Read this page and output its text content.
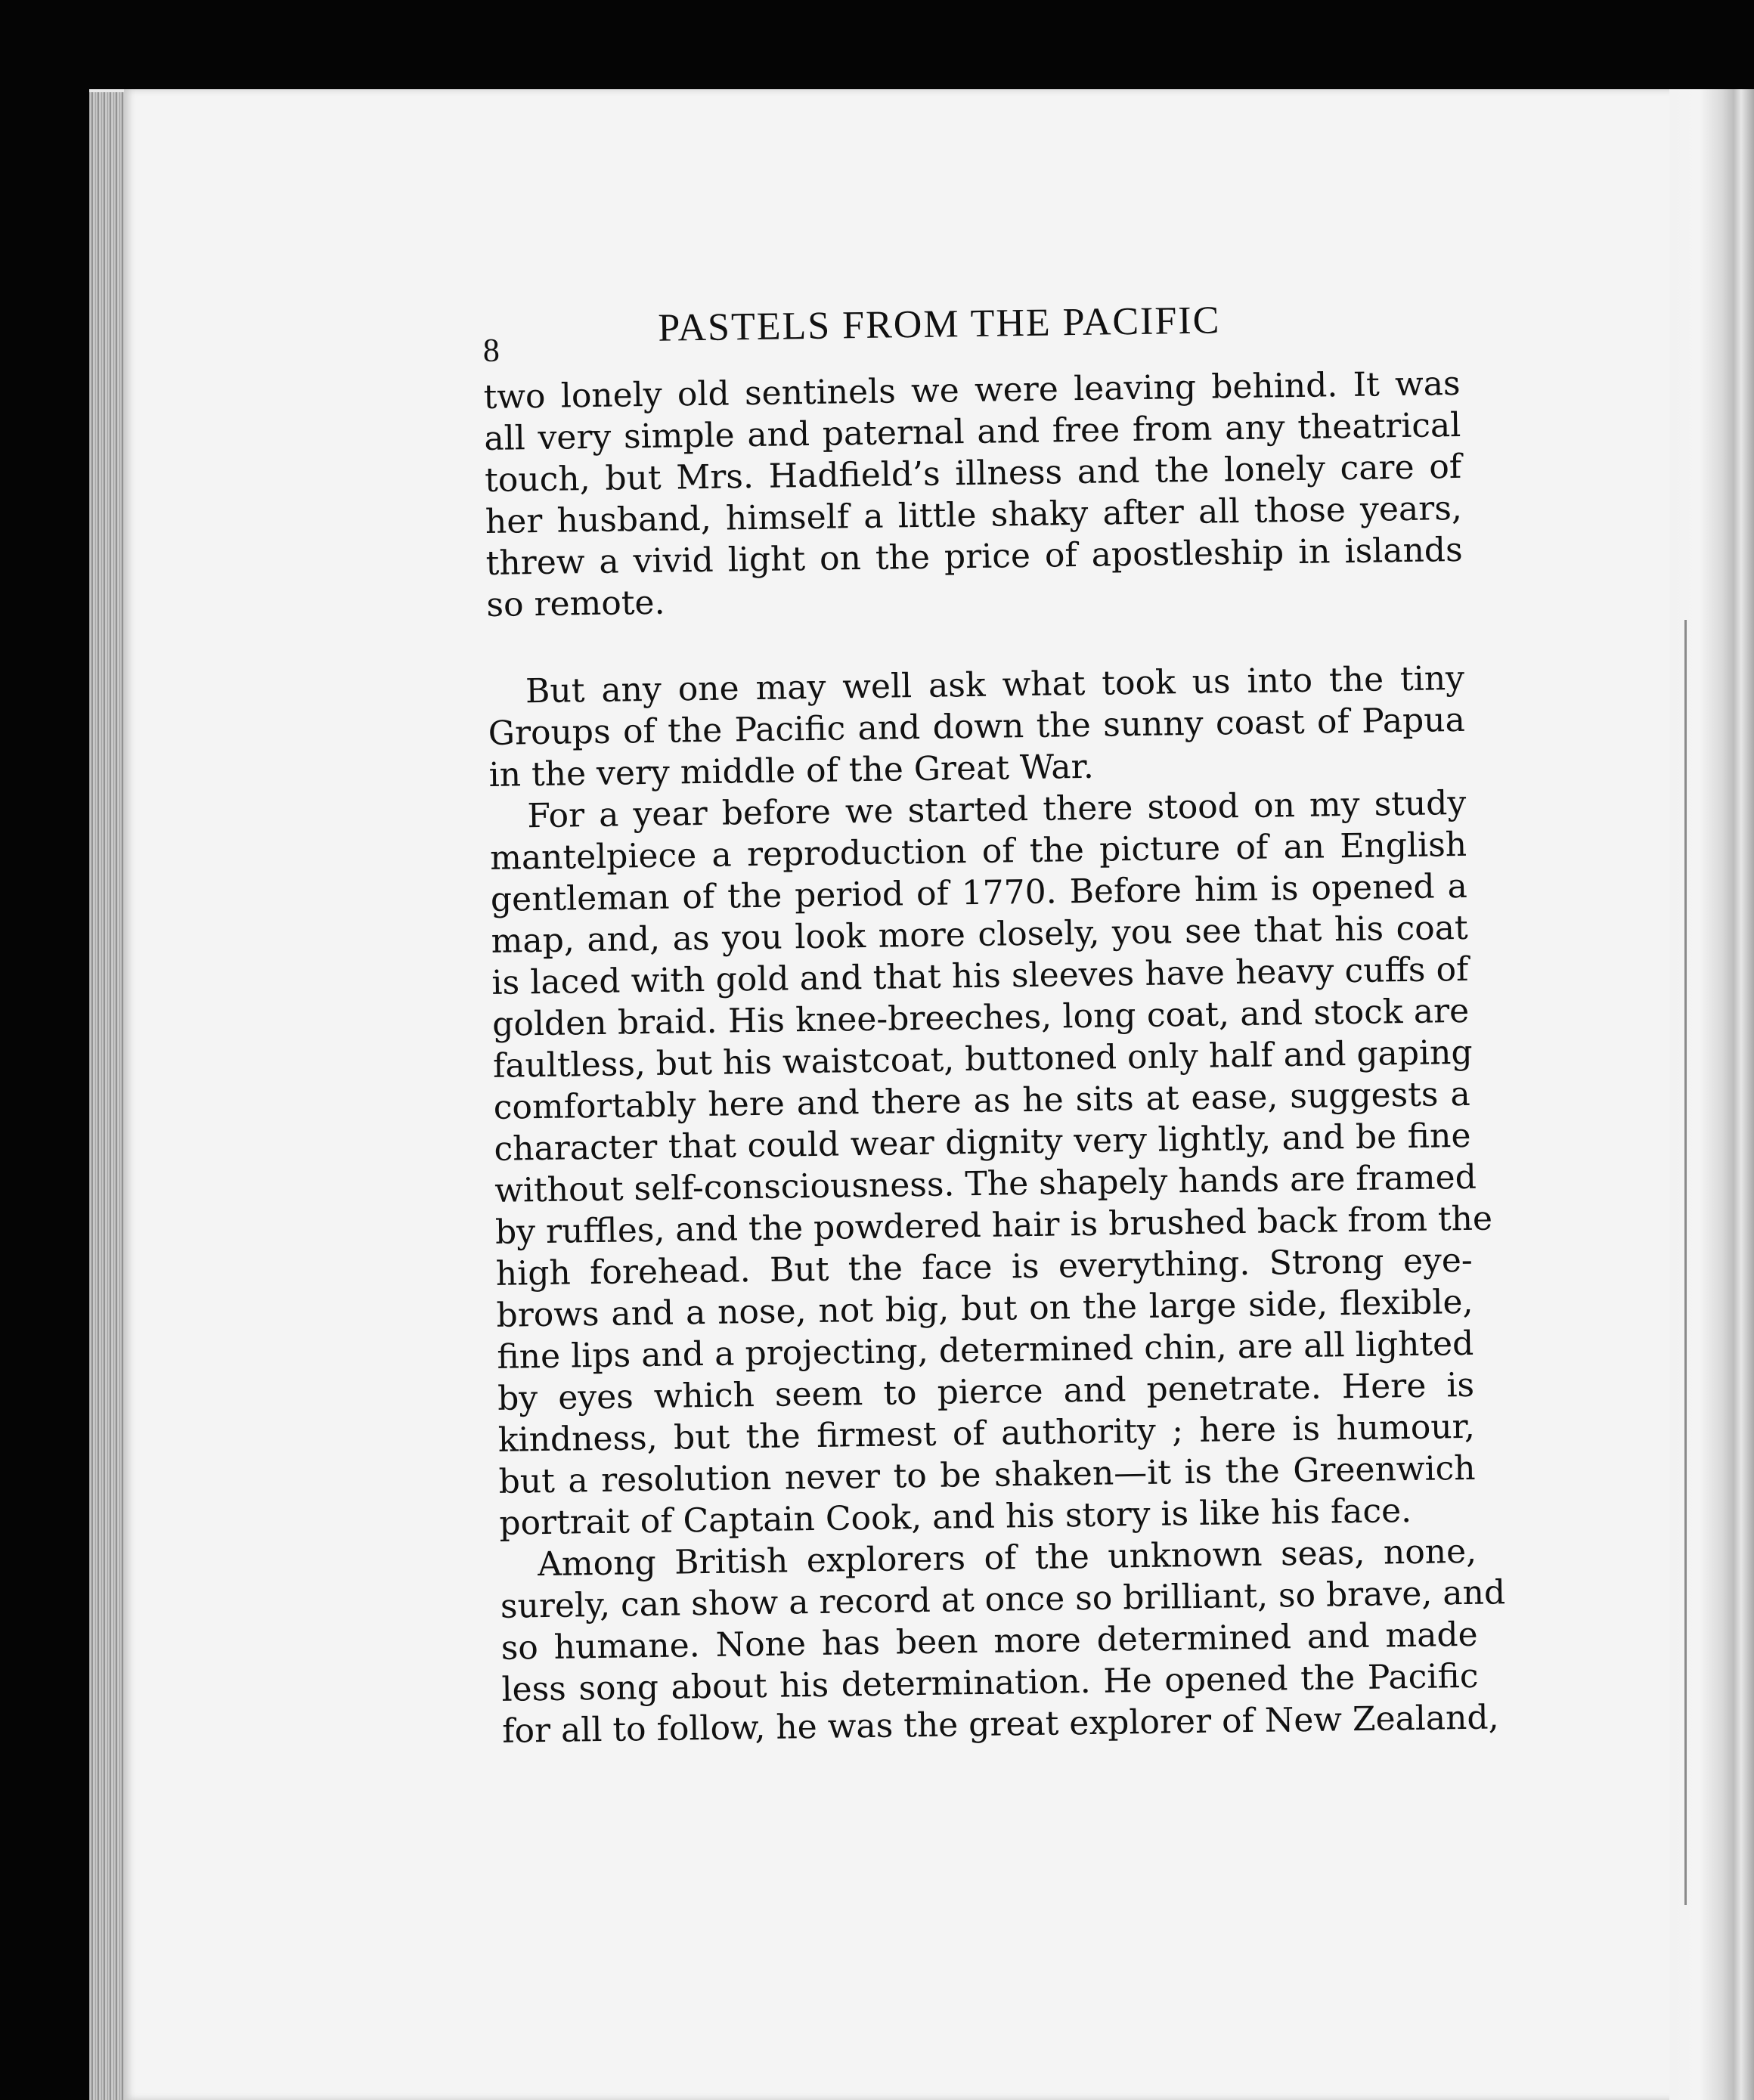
8
PASTELS FROM THE PACIFIC
two lonely old sentinels we were leaving behind. It was
all very simple and paternal and free from any theatrical
touch, but Mrs. Hadfield’s illness and the lonely care of
her husband, himself a little shaky after all those years,
threw a vivid light on the price of apostleship in islands
so remote.
But any one may well ask what took us into the tiny
Groups of the Pacific and down the sunny coast of Papua
in the very middle of the Great War.
For a year before we started there stood on my study
mantelpiece a reproduction of the picture of an English
gentleman of the period of 1770. Before him is opened a
map, and, as you look more closely, you see that his coat
is laced with gold and that his sleeves have heavy cuffs of
golden braid. His knee-breeches, long coat, and stock are
faultless, but his waistcoat, buttoned only half and gaping
comfortably here and there as he sits at ease, suggests a
character that could wear dignity very lightly, and be fine
without self-consciousness. The shapely hands are framed
by ruffles, and the powdered hair is brushed back from the
high forehead. But the face is everything. Strong eye-
brows and a nose, not big, but on the large side, flexible,
fine lips and a projecting, determined chin, are all lighted
by eyes which seem to pierce and penetrate. Here is
kindness, but the firmest of authority ; here is humour,
but a resolution never to be shaken—it is the Greenwich
portrait of Captain Cook, and his story is like his face.
Among British explorers of the unknown seas, none,
surely, can show a record at once so brilliant, so brave, and
so humane. None has been more determined and made
less song about his determination. He opened the Pacific
for all to follow, he was the great explorer of New Zealand,
